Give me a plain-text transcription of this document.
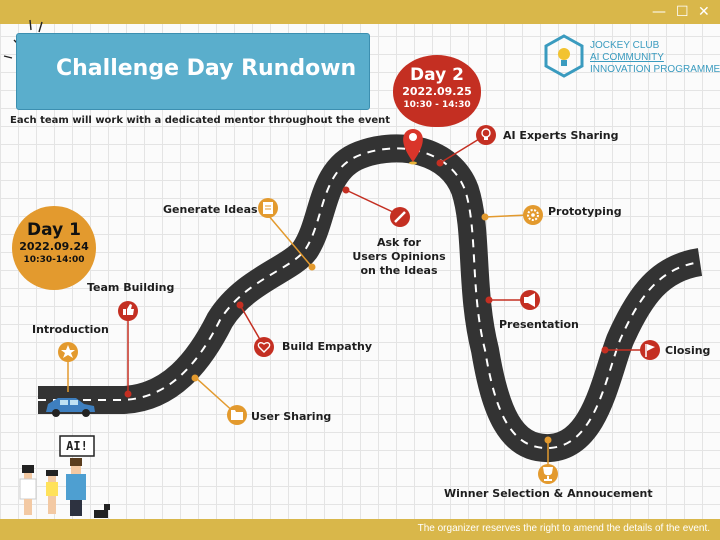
— ☐ ✕
Challenge Day Rundown
Each team will work with a dedicated mentor throughout the event
JOCKEY CLUB
AI COMMUNITY
INNOVATION PROGRAMME
Day 1
2022.09.24
10:30-14:00
Day 2
2022.09.25
10:30 - 14:30
Introduction
Team Building
User Sharing
Build Empathy
Generate Ideas
Ask for
Users Opinions
on the Ideas
AI Experts Sharing
Prototyping
Presentation
Winner Selection & Annoucement
Closing
AI!
The organizer reserves the right to amend the details of the event.
